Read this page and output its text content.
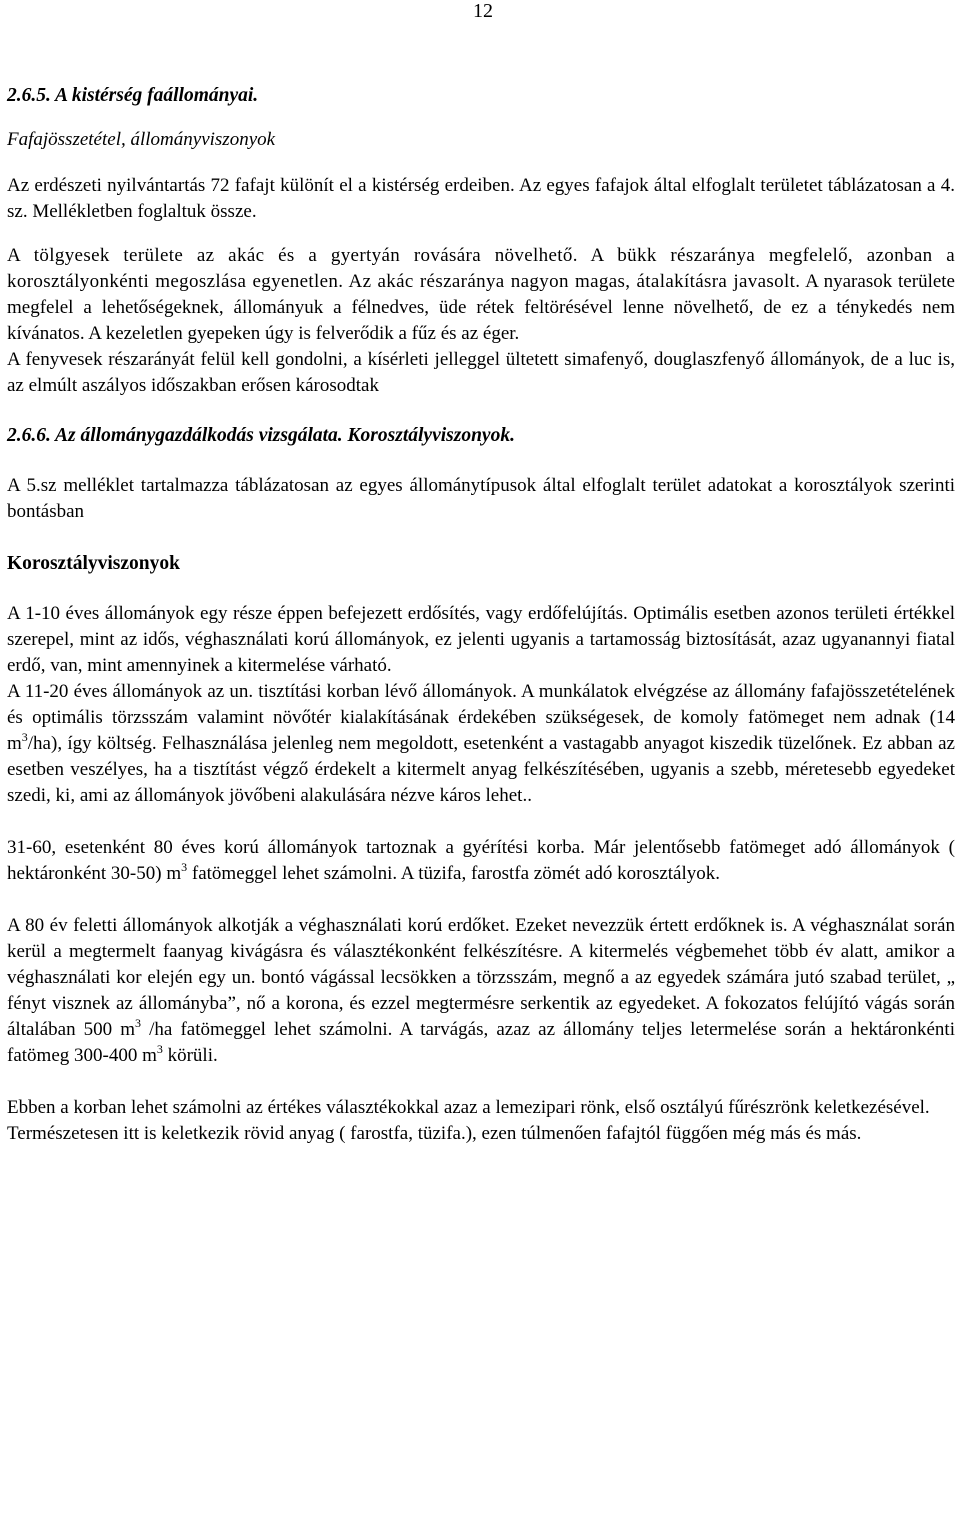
12
2.6.5. A kistérség faállományai.
Fafajösszetétel, állományviszonyok

Az erdészeti nyilvántartás 72 fafajt különít el a kistérség erdeiben. Az egyes fafajok által elfoglalt területet táblázatosan a 4. sz. Mellékletben foglaltuk össze.

A tölgyesek területe az akác és a gyertyán rovására növelhető. A bükk részaránya megfelelő, azonban a korosztályonkénti megoszlása egyenetlen. Az akác részaránya nagyon magas, átalakításra javasolt. A nyarasok területe megfelel a lehetőségeknek, állományuk a félnedves, üde rétek feltörésével lenne növelhető, de ez a ténykedés nem kívánatos. A kezeletlen gyepeken úgy is felverődik a fűz és az éger.

A fenyvesek részarányát felül kell gondolni, a kísérleti jelleggel ültetett simafenyő, douglaszfenyő állományok, de a luc is, az elmúlt aszályos időszakban erősen károsodtak

2.6.6. Az állománygazdálkodás vizsgálata. Korosztályviszonyok.

A 5.sz melléklet tartalmazza táblázatosan az egyes állománytípusok által elfoglalt terület adatokat a korosztályok szerinti bontásban

Korosztályviszonyok

A 1-10 éves állományok egy része éppen befejezett erdősítés, vagy erdőfelújítás. Optimális esetben azonos területi értékkel szerepel, mint az idős, véghasználati korú állományok, ez jelenti ugyanis a tartamosság biztosítását, azaz ugyanannyi fiatal erdő, van, mint amennyinek a kitermelése várható.

A 11-20 éves állományok az un. tisztítási korban lévő állományok. A munkálatok elvégzése az állomány fafajösszetételének és optimális törzsszám valamint növőtér kialakításának érdekében szükségesek, de komoly fatömeget nem adnak (14 $m^3/ha$), így költség. Felhasználása jelenleg nem megoldott, esetenként a vastagabb anyagot kiszedik tüzelőnek. Ez abban az esetben veszélyes, ha a tisztítást végző érdekelt a kitermelt anyag felkészítésében, ugyanis a szebb, méretesebb egyedeket szedi, ki, ami az állományok jövőbeni alakulására nézve káros lehet..

31-60, esetenként 80 éves korú állományok tartoznak a gyérítési korba. Már jelentősebb fatömeget adó állományok ( hektáronként 30-50) $m^3$ fatömeggel lehet számolni. A tüzifa, farostfa zömét adó korosztályok.

A 80 év feletti állományok alkotják a véghasználati korú erdőket. Ezeket nevezzük értett erdőknek is. A véghasználat során kerül a megtermelt faanyag kivágásra és választékonként felkészítésre. A kitermelés végbemehet több év alatt, amikor a véghasználati kor elején egy un. bontó vágással lecsökken a törzsszám, megnő a az egyedek számára jutó szabad terület, „ fényt visznek az állományba”, nő a korona, és ezzel megtermésre serkentik az egyedeket. A fokozatos felújító vágás során általában 500 $m^3$ /ha fatömeggel lehet számolni. A tarvágás, azaz az állomány teljes letermelése során a hektáronkénti fatömeg 300-400 $m^3$ körüli.

Ebben a korban lehet számolni az értékes választékokkal azaz a lemezipari rönk, első osztályú fűrészrönk keletkezésével.

Természetesen itt is keletkezik rövid anyag ( farostfa, tüzifa.), ezen túlmenően fafajtól függően még más és más.
